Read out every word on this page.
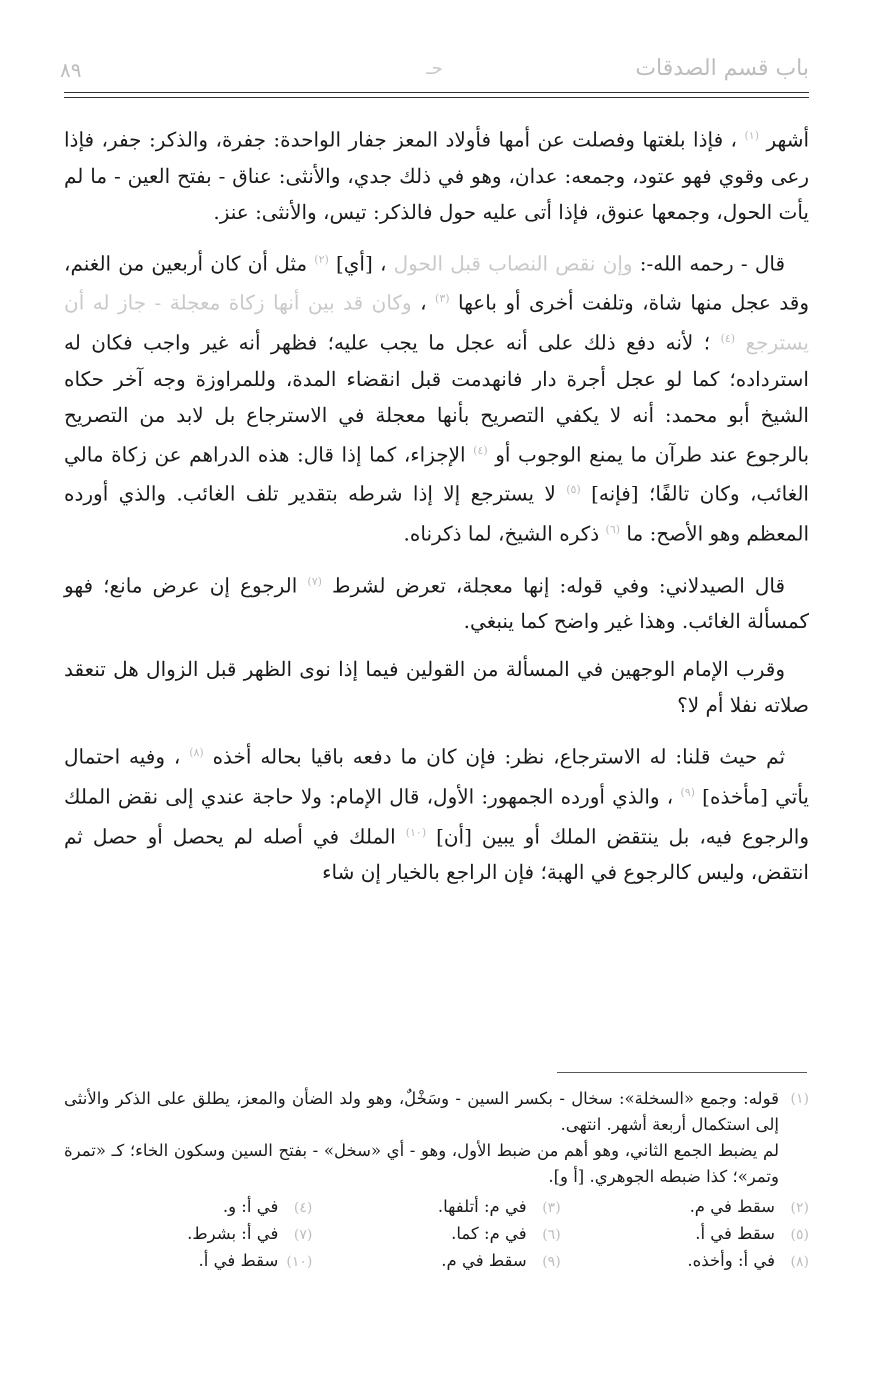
باب قسم الصدقات
حـ
٨٩

أشهر $^{(١)}$ ، فإذا بلغتها وفصلت عن أمها فأولاد المعز جفار الواحدة: جفرة، والذكر: جفر، فإذا رعى وقوي فهو عتود، وجمعه: عدان، وهو في ذلك جدي، والأنثى: عناق - بفتح العين - ما لم يأت الحول، وجمعها عنوق، فإذا أتى عليه حول فالذكر: تيس، والأنثى: عنز.

قال - رحمه الله-: وإن نقص النصاب قبل الحول ، [أي] $^{(٢)}$ مثل أن كان أربعين من الغنم، وقد عجل منها شاة، وتلفت أخرى أو باعها $^{(٣)}$ ، وكان قد بين أنها زكاة معجلة - جاز له أن يسترجع $^{(٤)}$ ؛ لأنه دفع ذلك على أنه عجل ما يجب عليه؛ فظهر أنه غير واجب فكان له استرداده؛ كما لو عجل أجرة دار فانهدمت قبل انقضاء المدة، وللمراوزة وجه آخر حكاه الشيخ أبو محمد: أنه لا يكفي التصريح بأنها معجلة في الاسترجاع بل لابد من التصريح بالرجوع عند طرآن ما يمنع الوجوب أو $^{(٤)}$ الإجزاء، كما إذا قال: هذه الدراهم عن زكاة مالي الغائب، وكان تالفًا؛ [فإنه] $^{(٥)}$ لا يسترجع إلا إذا شرطه بتقدير تلف الغائب. والذي أورده المعظم وهو الأصح: ما $^{(٦)}$ ذكره الشيخ، لما ذكرناه.

قال الصيدلاني: وفي قوله: إنها معجلة، تعرض لشرط $^{(٧)}$ الرجوع إن عرض مانع؛ فهو كمسألة الغائب. وهذا غير واضح كما ينبغي.

وقرب الإمام الوجهين في المسألة من القولين فيما إذا نوى الظهر قبل الزوال هل تنعقد صلاته نفلا أم لا؟

ثم حيث قلنا: له الاسترجاع، نظر: فإن كان ما دفعه باقيا بحاله أخذه $^{(٨)}$ ، وفيه احتمال يأتي [مأخذه] $^{(٩)}$ ، والذي أورده الجمهور: الأول، قال الإمام: ولا حاجة عندي إلى نقض الملك والرجوع فيه، بل ينتقض الملك أو يبين [أن] $^{(١٠)}$ الملك في أصله لم يحصل أو حصل ثم انتقض، وليس كالرجوع في الهبة؛ فإن الراجع بالخيار إن شاء

(١)

قوله: وجمع «السخلة»: سخال - بكسر السين - وسَخْلٌ، وهو ولد الضأن والمعز، يطلق على الذكر والأنثى إلى استكمال أربعة أشهر. انتهى.

لم يضبط الجمع الثاني، وهو أهم من ضبط الأول، وهو - أي «سخل» - بفتح السين وسكون الخاء؛ كـ «تمرة وتمر»؛ كذا ضبطه الجوهري. [أ و].

(٢)
سقط في م.
(٣)
في م: أتلفها.
(٤)
في أ: و.
(٥)
سقط في أ.
(٦)
في م: كما.
(٧)
في أ: بشرط.
(٨)
في أ: وأخذه.
(٩)
سقط في م.
(١٠)
سقط في أ.
